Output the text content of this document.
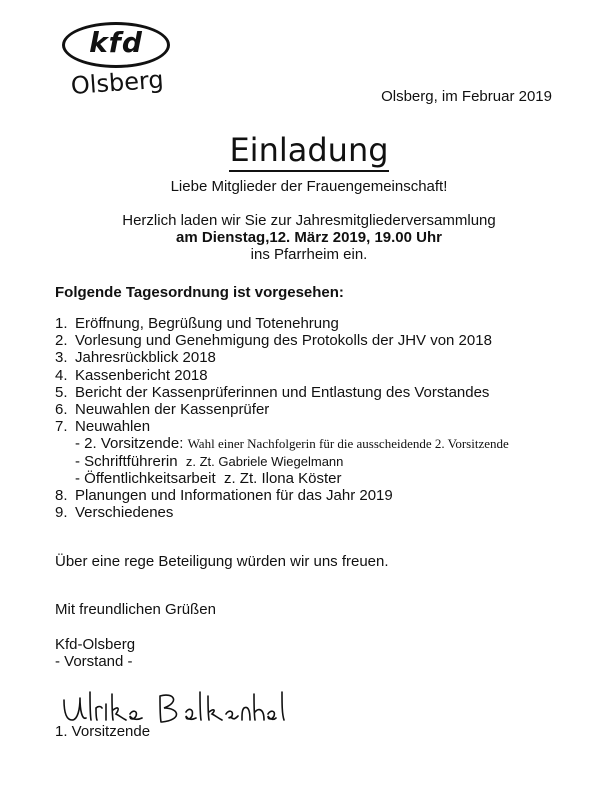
kfd
Olsberg	Olsberg, im Februar 2019
Einladung
Liebe Mitglieder der Frauengemeinschaft!
Herzlich laden wir Sie zur Jahresmitgliederversammlung
am Dienstag,12. März 2019, 19.00 Uhr
ins Pfarrheim ein.
Folgende Tagesordnung ist vorgesehen:
1. Eröffnung, Begrüßung und Totenehrung
2. Vorlesung und Genehmigung des Protokolls der JHV von 2018
3. Jahresrückblick 2018
4. Kassenbericht 2018
5. Bericht der Kassenprüferinnen und Entlastung des Vorstandes
6. Neuwahlen der Kassenprüfer
7. Neuwahlen
- 2. Vorsitzende: Wahl einer Nachfolgerin für die ausscheidende 2. Vorsitzende
- Schriftführerin z. Zt. Gabriele Wiegelmann
- Öffentlichkeitsarbeit z. Zt. Ilona Köster
8. Planungen und Informationen für das Jahr 2019
9. Verschiedenes
Über eine rege Beteiligung würden wir uns freuen.
Mit freundlichen Grüßen
Kfd-Olsberg
- Vorstand -
1. Vorsitzende
